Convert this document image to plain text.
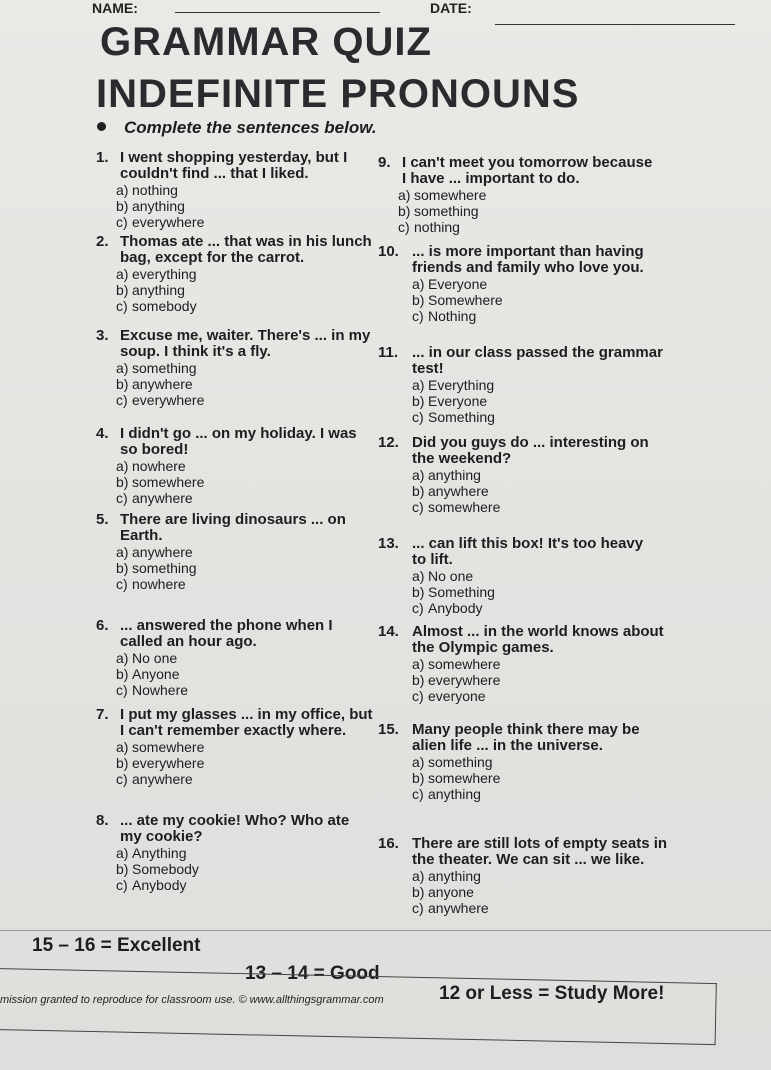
NAME:	DATE:
GRAMMAR QUIZ
INDEFINITE PRONOUNS
Complete the sentences below.
1. I went shopping yesterday, but I
couldn't find ... that I liked.
a) nothing
b) anything
c) everywhere
2. Thomas ate ... that was in his lunch
bag, except for the carrot.
a) everything
b) anything
c) somebody
3. Excuse me, waiter. There's ... in my
soup. I think it's a fly.
a) something
b) anywhere
c) everywhere
4. I didn't go ... on my holiday. I was
so bored!
a) nowhere
b) somewhere
c) anywhere
5. There are living dinosaurs ... on
Earth.
a) anywhere
b) something
c) nowhere
6. ... answered the phone when I
called an hour ago.
a) No one
b) Anyone
c) Nowhere
7. I put my glasses ... in my office, but
I can't remember exactly where.
a) somewhere
b) everywhere
c) anywhere
8. ... ate my cookie! Who? Who ate
my cookie?
a) Anything
b) Somebody
c) Anybody
9. I can't meet you tomorrow because
I have ... important to do.
a) somewhere
b) something
c) nothing
10. ... is more important than having
friends and family who love you.
a) Everyone
b) Somewhere
c) Nothing
11. ... in our class passed the grammar
test!
a) Everything
b) Everyone
c) Something
12. Did you guys do ... interesting on
the weekend?
a) anything
b) anywhere
c) somewhere
13. ... can lift this box! It's too heavy
to lift.
a) No one
b) Something
c) Anybody
14. Almost ... in the world knows about
the Olympic games.
a) somewhere
b) everywhere
c) everyone
15. Many people think there may be
alien life ... in the universe.
a) something
b) somewhere
c) anything
16. There are still lots of empty seats in
the theater. We can sit ... we like.
a) anything
b) anyone
c) anywhere
15 – 16 = Excellent
13 – 14 = Good
12 or Less = Study More!
mission granted to reproduce for classroom use. © www.allthingsgrammar.com
